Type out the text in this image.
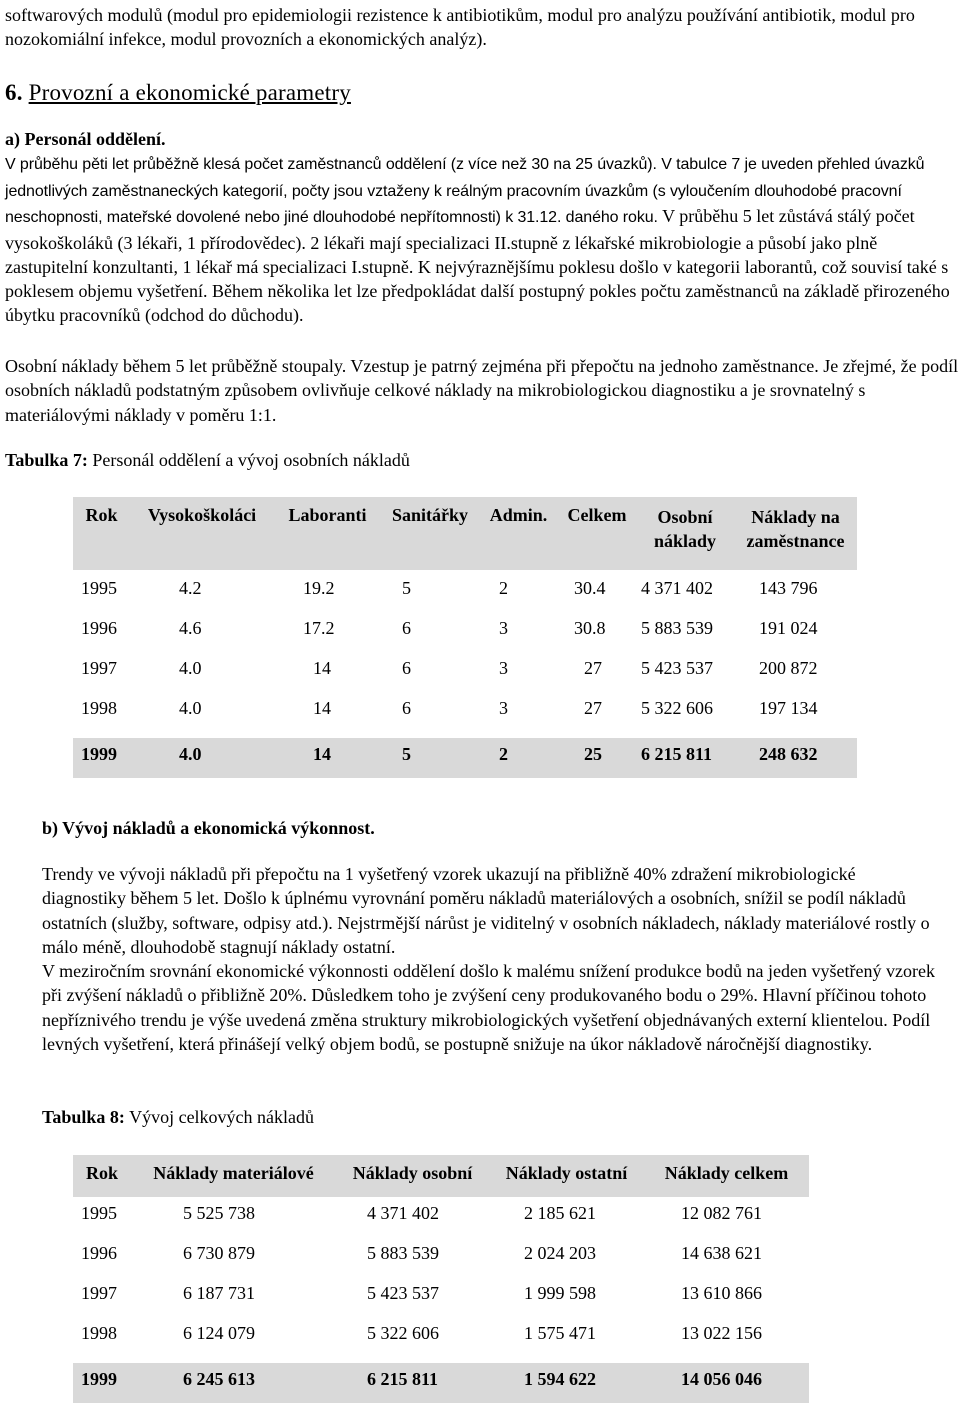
softwarových modulů (modul pro epidemiologii rezistence k antibiotikům, modul pro analýzu používání antibiotik, modul pro nozokomiální infekce, modul provozních a ekonomických analýz).

6. Provozní a ekonomické parametry

a) Personál oddělení.

V průběhu pěti let průběžně klesá počet zaměstnanců oddělení (z více než 30 na 25 úvazků). V tabulce 7 je uveden přehled úvazků jednotlivých zaměstnaneckých kategorií, počty jsou vztaženy k reálným pracovním úvazkům (s vyloučením dlouhodobé pracovní neschopnosti, mateřské dovolené nebo jiné dlouhodobé nepřítomnosti) k 31.12. daného roku. V průběhu 5 let zůstává stálý počet vysokoškoláků (3 lékaři, 1 přírodovědec). 2 lékaři mají specializaci II.stupně z lékařské mikrobiologie a působí jako plně zastupitelní konzultanti, 1 lékař má specializaci I.stupně. K nejvýraznějšímu poklesu došlo v kategorii laborantů, což souvisí také s poklesem objemu vyšetření. Během několika let lze předpokládat další postupný pokles počtu zaměstnanců na základě přirozeného úbytku pracovníků (odchod do důchodu).

Osobní náklady během 5 let průběžně stoupaly. Vzestup je patrný zejména při přepočtu na jednoho zaměstnance. Je zřejmé, že podíl osobních nákladů podstatným způsobem ovlivňuje celkové náklady na mikrobiologickou diagnostiku a je srovnatelný s materiálovými náklady v poměru 1:1.

Tabulka 7: Personál oddělení a vývoj osobních nákladů
Rok	Vysokoškoláci	Laboranti	Sanitářky	Admin.	Celkem	Osobní náklady	Náklady na zaměstnance
1995	4.2	19.2	5	2	30.4	4 371 402	143 796
1996	4.6	17.2	6	3	30.8	5 883 539	191 024
1997	4.0	14	6	3	27	5 423 537	200 872
1998	4.0	14	6	3	27	5 322 606	197 134
1999	4.0	14	5	2	25	6 215 811	248 632
b) Vývoj nákladů a ekonomická výkonnost.

Trendy ve vývoji nákladů při přepočtu na 1 vyšetřený vzorek ukazují na přibližně 40% zdražení mikrobiologické diagnostiky během 5 let. Došlo k úplnému vyrovnání poměru nákladů materiálových a osobních, snížil se podíl nákladů ostatních (služby, software, odpisy atd.). Nejstrmější nárůst je viditelný v osobních nákladech, náklady materiálové rostly o málo méně, dlouhodobě stagnují náklady ostatní.

V meziročním srovnání ekonomické výkonnosti oddělení došlo k malému snížení produkce bodů na jeden vyšetřený vzorek při zvýšení nákladů o přibližně 20%. Důsledkem toho je zvýšení ceny produkovaného bodu o 29%. Hlavní příčinou tohoto nepříznivého trendu je výše uvedená změna struktury mikrobiologických vyšetření objednávaných externí klientelou. Podíl levných vyšetření, která přinášejí velký objem bodů, se postupně snižuje na úkor nákladově náročnější diagnostiky.

Tabulka 8: Vývoj celkových nákladů
Rok	Náklady materiálové	Náklady osobní	Náklady ostatní	Náklady celkem
1995	5 525 738	4 371 402	2 185 621	12 082 761
1996	6 730 879	5 883 539	2 024 203	14 638 621
1997	6 187 731	5 423 537	1 999 598	13 610 866
1998	6 124 079	5 322 606	1 575 471	13 022 156
1999	6 245 613	6 215 811	1 594 622	14 056 046
